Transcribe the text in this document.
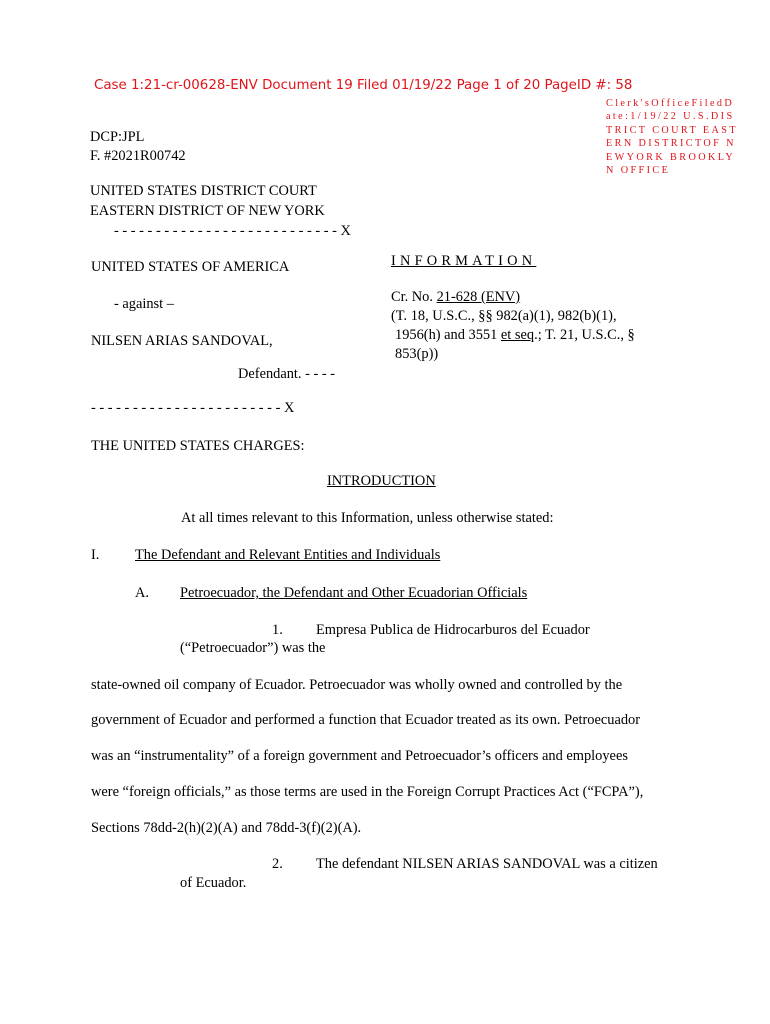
Case 1:21-cr-00628-ENV Document 19 Filed 01/19/22 Page 1 of 20 PageID #: 58
Clerk'sOfficeFiledDate:1/19/22 U.S.DISTRICT COURT EASTERN DISTRICTOF NEWYORK BROOKLYN OFFICE
DCP:JPL
F. #2021R00742
UNITED STATES DISTRICT COURT
EASTERN DISTRICT OF NEW YORK
- - - - - - - - - - - - - - - - - - - - - - - - - - - X
UNITED STATES OF AMERICA	INFORMATION
- against –	Cr. No. 21-628 (ENV)
(T. 18, U.S.C., §§ 982(a)(1), 982(b)(1),
1956(h) and 3551 et seq.; T. 21, U.S.C., §
853(p))
NILSEN ARIAS SANDOVAL,
Defendant. - - - -
- - - - - - - - - - - - - - - - - - - - - - - X
THE UNITED STATES CHARGES:
INTRODUCTION
At all times relevant to this Information, unless otherwise stated:
I. The Defendant and Relevant Entities and Individuals
A. Petroecuador, the Defendant and Other Ecuadorian Officials
1. Empresa Publica de Hidrocarburos del Ecuador
(“Petroecuador”) was the
state-owned oil company of Ecuador. Petroecuador was wholly owned and controlled by the
government of Ecuador and performed a function that Ecuador treated as its own. Petroecuador
was an “instrumentality” of a foreign government and Petroecuador’s officers and employees
were “foreign officials,” as those terms are used in the Foreign Corrupt Practices Act (“FCPA”),
Sections 78dd-2(h)(2)(A) and 78dd-3(f)(2)(A).
2. The defendant NILSEN ARIAS SANDOVAL was a citizen
of Ecuador.
